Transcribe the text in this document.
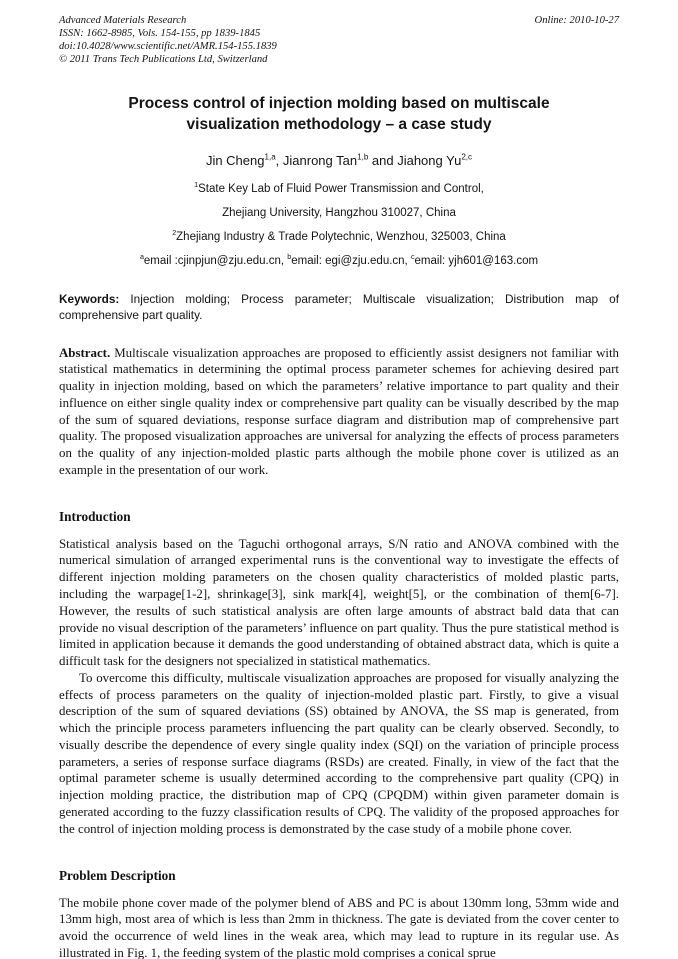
Advanced Materials Research
ISSN: 1662-8985, Vols. 154-155, pp 1839-1845
doi:10.4028/www.scientific.net/AMR.154-155.1839
© 2011 Trans Tech Publications Ltd, Switzerland
Online: 2010-10-27
Process control of injection molding based on multiscale visualization methodology – a case study
Jin Cheng$^{1,a}$, Jianrong Tan$^{1,b}$ and Jiahong Yu$^{2,c}$
$^1$State Key Lab of Fluid Power Transmission and Control,
Zhejiang University, Hangzhou 310027, China
$^2$Zhejiang Industry & Trade Polytechnic, Wenzhou, 325003, China
$^a$email :cjinpjun@zju.edu.cn, $^b$email: egi@zju.edu.cn, $^c$email: yjh601@163.com
Keywords: Injection molding; Process parameter; Multiscale visualization; Distribution map of comprehensive part quality.
Abstract. Multiscale visualization approaches are proposed to efficiently assist designers not familiar with statistical mathematics in determining the optimal process parameter schemes for achieving desired part quality in injection molding, based on which the parameters’ relative importance to part quality and their influence on either single quality index or comprehensive part quality can be visually described by the map of the sum of squared deviations, response surface diagram and distribution map of comprehensive part quality. The proposed visualization approaches are universal for analyzing the effects of process parameters on the quality of any injection-molded plastic parts although the mobile phone cover is utilized as an example in the presentation of our work.
Introduction

Statistical analysis based on the Taguchi orthogonal arrays, S/N ratio and ANOVA combined with the numerical simulation of arranged experimental runs is the conventional way to investigate the effects of different injection molding parameters on the chosen quality characteristics of molded plastic parts, including the warpage[1-2], shrinkage[3], sink mark[4], weight[5], or the combination of them[6-7]. However, the results of such statistical analysis are often large amounts of abstract bald data that can provide no visual description of the parameters’ influence on part quality. Thus the pure statistical method is limited in application because it demands the good understanding of obtained abstract data, which is quite a difficult task for the designers not specialized in statistical mathematics.

To overcome this difficulty, multiscale visualization approaches are proposed for visually analyzing the effects of process parameters on the quality of injection-molded plastic part. Firstly, to give a visual description of the sum of squared deviations (SS) obtained by ANOVA, the SS map is generated, from which the principle process parameters influencing the part quality can be clearly observed. Secondly, to visually describe the dependence of every single quality index (SQI) on the variation of principle process parameters, a series of response surface diagrams (RSDs) are created. Finally, in view of the fact that the optimal parameter scheme is usually determined according to the comprehensive part quality (CPQ) in injection molding practice, the distribution map of CPQ (CPQDM) within given parameter domain is generated according to the fuzzy classification results of CPQ. The validity of the proposed approaches for the control of injection molding process is demonstrated by the case study of a mobile phone cover.

Problem Description

The mobile phone cover made of the polymer blend of ABS and PC is about 130mm long, 53mm wide and 13mm high, most area of which is less than 2mm in thickness. The gate is deviated from the cover center to avoid the occurrence of weld lines in the weak area, which may lead to rupture in its regular use. As illustrated in Fig. 1, the feeding system of the plastic mold comprises a conical sprue
